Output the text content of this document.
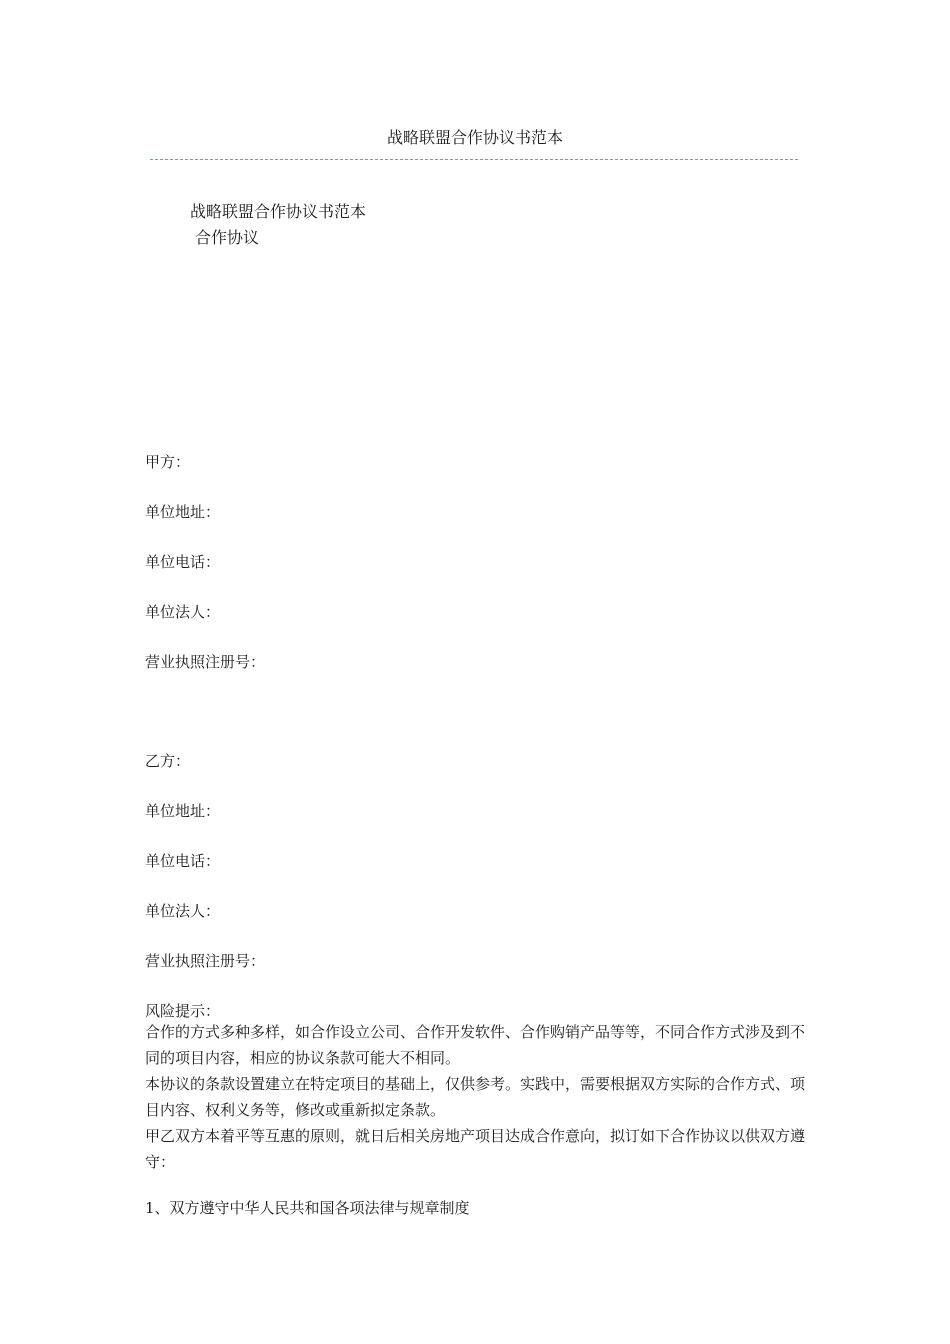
战略联盟合作协议书范本
战略联盟合作协议书范本
合作协议
甲方：
单位地址：
单位电话：
单位法人：
营业执照注册号：
乙方：
单位地址：
单位电话：
单位法人：
营业执照注册号：
风险提示：

合作的方式多种多样，如合作设立公司、合作开发软件、合作购销产品等等，不同合作方式涉及到不同的项目内容，相应的协议条款可能大不相同。

本协议的条款设置建立在特定项目的基础上，仅供参考。实践中，需要根据双方实际的合作方式、项目内容、权利义务等，修改或重新拟定条款。

甲乙双方本着平等互惠的原则，就日后相关房地产项目达成合作意向，拟订如下合作协议以供双方遵守：

1、双方遵守中华人民共和国各项法律与规章制度
